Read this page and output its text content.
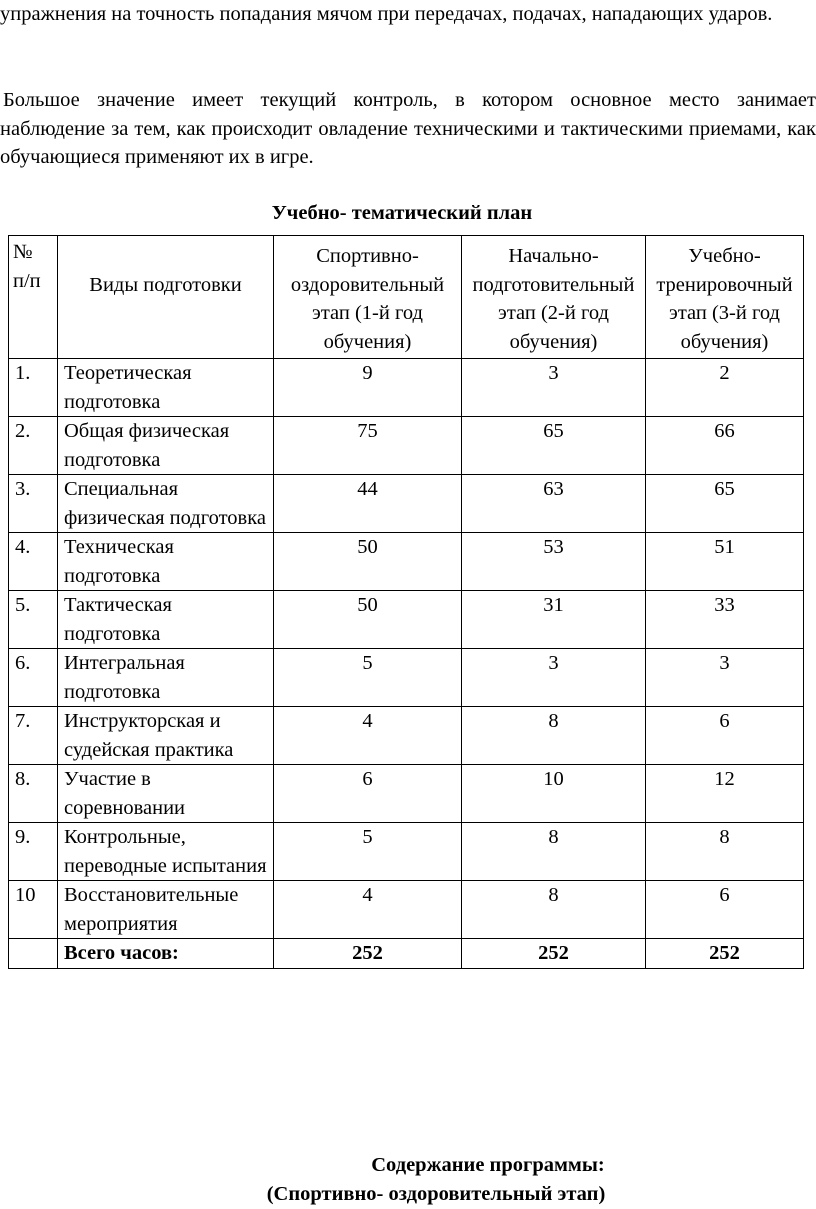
упражнения на точность попадания мячом при передачах, подачах, нападающих ударов.

Большое значение имеет текущий контроль, в котором основное место занимает наблюдение за тем, как происходит овладение техническими и тактическими приемами, как обучающиеся применяют их в игре.

Учебно- тематический план

№ п/п	Виды подготовки	Спортивно-оздоровительный этап (1-й год обучения)	Начально-подготовительный этап (2-й год обучения)	Учебно-тренировочный этап (3-й год обучения)
1.	Теоретическая подготовка	9	3	2
2.	Общая физическая подготовка	75	65	66
3.	Специальная физическая подготовка	44	63	65
4.	Техническая подготовка	50	53	51
5.	Тактическая подготовка	50	31	33
6.	Интегральная подготовка	5	3	3
7.	Инструкторская и судейская практика	4	8	6
8.	Участие в соревновании	6	10	12
9.	Контрольные, переводные испытания	5	8	8
10	Восстановительные мероприятия	4	8	6
	Всего часов:	252	252	252

Содержание программы:

(Спортивно- оздоровительный этап)
